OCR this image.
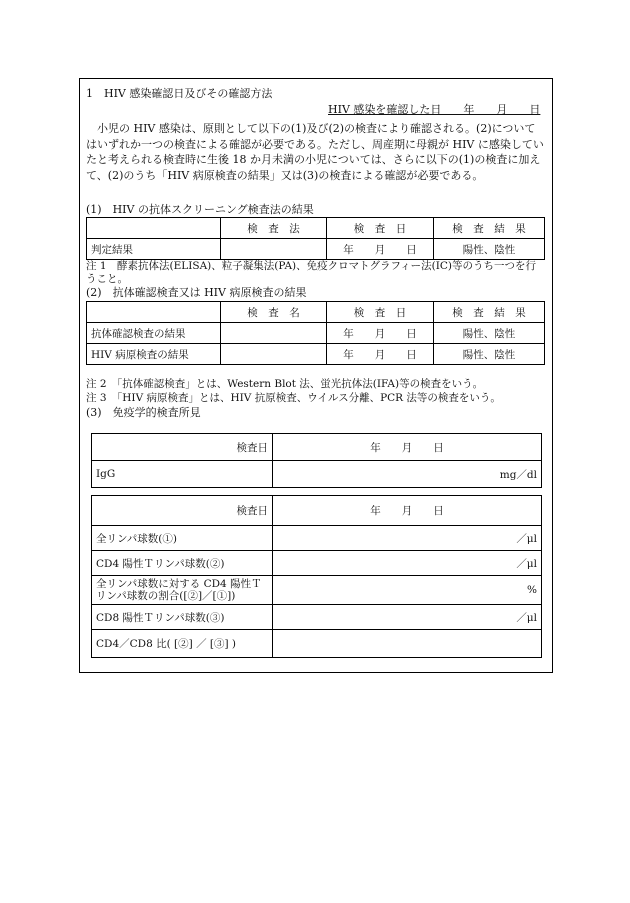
1　HIV 感染確認日及びその確認方法
HIV 感染を確認した日　　年　　月　　日
小児の HIV 感染は、原則として以下の(1)及び(2)の検査により確認される。(2)についてはいずれか一つの検査による確認が必要である。ただし、周産期に母親が HIV に感染していたと考えられる検査時に生後 18 か月未満の小児については、さらに以下の(1)の検査に加えて、(2)のうち「HIV 病原検査の結果」又は(3)の検査による確認が必要である。
(1)　HIV の抗体スクリーニング検査法の結果
	検　査　法	検　査　日	検　査　結　果
判定結果		年　　月　　日	陽性、陰性
注 1　酵素抗体法(ELISA)、粒子凝集法(PA)、免疫クロマトグラフィー法(IC)等のうち一つを行うこと。
(2)　抗体確認検査又は HIV 病原検査の結果
	検　査　名	検　査　日	検　査　結　果
抗体確認検査の結果		年　　月　　日	陽性、陰性
HIV 病原検査の結果		年　　月　　日	陽性、陰性
注 2　「抗体確認検査」とは、Western Blot 法、蛍光抗体法(IFA)等の検査をいう。
注 3　「HIV 病原検査」とは、HIV 抗原検査、ウイルス分離、PCR 法等の検査をいう。
(3)　免疫学的検査所見
検査日	年　　月　　日
IgG	mg／dl
検査日	年　　月　　日
全リンパ球数(①)	／μl
CD4 陽性Ｔリンパ球数(②)	／μl
全リンパ球数に対する CD4 陽性Ｔリンパ球数の割合([②]／[①])	%
CD8 陽性Ｔリンパ球数(③)	／μl
CD4／CD8 比( [②] ／ [③] )	
